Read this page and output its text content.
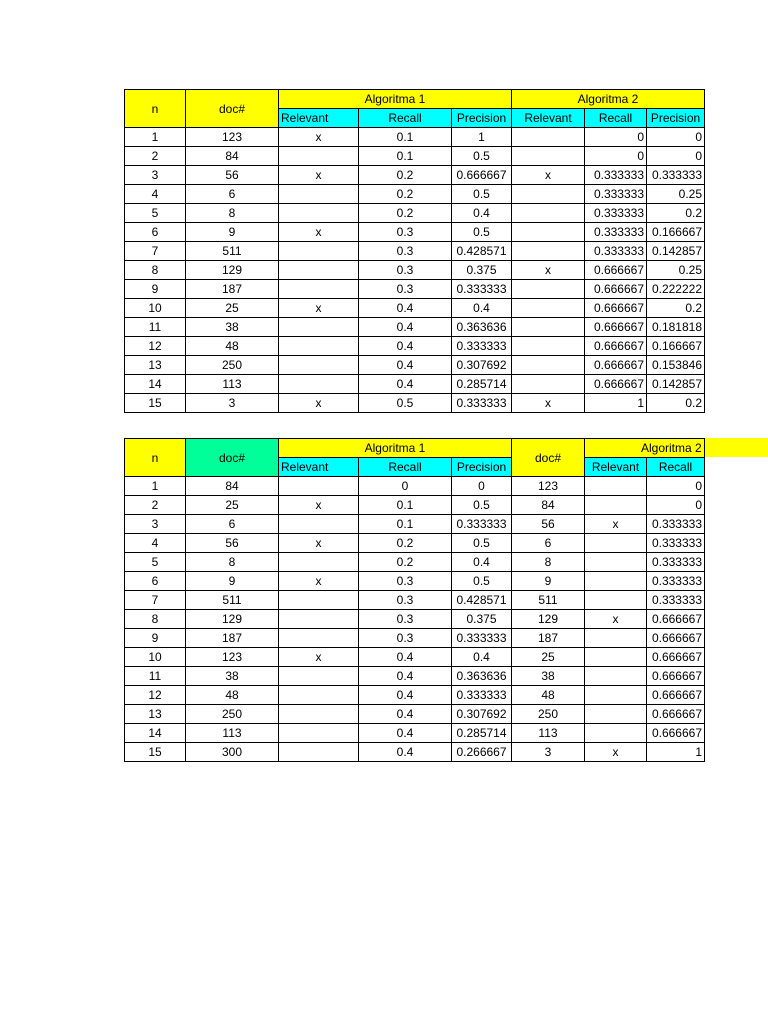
n	doc#	Algoritma 1			Algoritma 2		
		Relevant	Recall	Precision	Relevant	Recall	Precision
1	123	x	0.1	1		0	0
2	84		0.1	0.5		0	0
3	56	x	0.2	0.666667	x	0.333333	0.333333
4	6		0.2	0.5		0.333333	0.25
5	8		0.2	0.4		0.333333	0.2
6	9	x	0.3	0.5		0.333333	0.166667
7	511		0.3	0.428571		0.333333	0.142857
8	129		0.3	0.375	x	0.666667	0.25
9	187		0.3	0.333333		0.666667	0.222222
10	25	x	0.4	0.4		0.666667	0.2
11	38		0.4	0.363636		0.666667	0.181818
12	48		0.4	0.333333		0.666667	0.166667
13	250		0.4	0.307692		0.666667	0.153846
14	113		0.4	0.285714		0.666667	0.142857
15	3	x	0.5	0.333333	x	1	0.2
n	doc#	Algoritma 1			doc#	Algoritma 2		

		Relevant	Recall	Precision		Relevant	Recall	
1	84		0	0	123		0	
2	25	x	0.1	0.5	84		0	
3	6		0.1	0.333333	56	x	0.333333	
4	56	x	0.2	0.5	6		0.333333	
5	8		0.2	0.4	8		0.333333	
6	9	x	0.3	0.5	9		0.333333	
7	511		0.3	0.428571	511		0.333333	
8	129		0.3	0.375	129	x	0.666667	
9	187		0.3	0.333333	187		0.666667	
10	123	x	0.4	0.4	25		0.666667	
11	38		0.4	0.363636	38		0.666667	
12	48		0.4	0.333333	48		0.666667	
13	250		0.4	0.307692	250		0.666667	
14	113		0.4	0.285714	113		0.666667	
15	300		0.4	0.266667	3	x	1	
